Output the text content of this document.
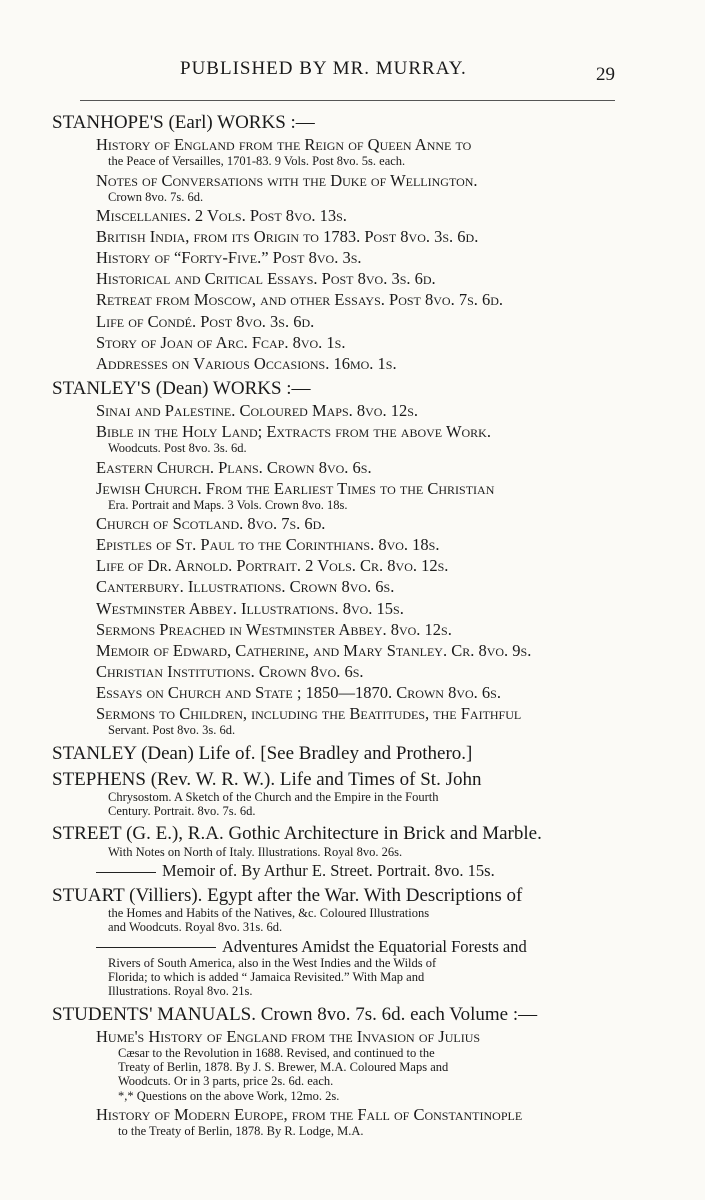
PUBLISHED BY MR. MURRAY.	29
STANHOPE'S (Earl) WORKS :—
History of England from the Reign of Queen Anne to
the Peace of Versailles, 1701-83. 9 Vols. Post 8vo. 5s. each.
Notes of Conversations with the Duke of Wellington.
Crown 8vo. 7s. 6d.
Miscellanies. 2 Vols. Post 8vo. 13s.
British India, from its Origin to 1783. Post 8vo. 3s. 6d.
History of “Forty-Five.” Post 8vo. 3s.
Historical and Critical Essays. Post 8vo. 3s. 6d.
Retreat from Moscow, and other Essays. Post 8vo. 7s. 6d.
Life of Condé. Post 8vo. 3s. 6d.
Story of Joan of Arc. Fcap. 8vo. 1s.
Addresses on Various Occasions. 16mo. 1s.
STANLEY'S (Dean) WORKS :—
Sinai and Palestine. Coloured Maps. 8vo. 12s.
Bible in the Holy Land; Extracts from the above Work.
Woodcuts. Post 8vo. 3s. 6d.
Eastern Church. Plans. Crown 8vo. 6s.
Jewish Church. From the Earliest Times to the Christian
Era. Portrait and Maps. 3 Vols. Crown 8vo. 18s.
Church of Scotland. 8vo. 7s. 6d.
Epistles of St. Paul to the Corinthians. 8vo. 18s.
Life of Dr. Arnold. Portrait. 2 Vols. Cr. 8vo. 12s.
Canterbury. Illustrations. Crown 8vo. 6s.
Westminster Abbey. Illustrations. 8vo. 15s.
Sermons Preached in Westminster Abbey. 8vo. 12s.
Memoir of Edward, Catherine, and Mary Stanley. Cr. 8vo. 9s.
Christian Institutions. Crown 8vo. 6s.
Essays on Church and State ; 1850—1870. Crown 8vo. 6s.
Sermons to Children, including the Beatitudes, the Faithful
Servant. Post 8vo. 3s. 6d.
STANLEY (Dean) Life of. [See Bradley and Prothero.]
STEPHENS (Rev. W. R. W.). Life and Times of St. John
Chrysostom. A Sketch of the Church and the Empire in the Fourth
Century. Portrait. 8vo. 7s. 6d.
STREET (G. E.), R.A. Gothic Architecture in Brick and Marble.
With Notes on North of Italy. Illustrations. Royal 8vo. 26s.
Memoir of. By Arthur E. Street. Portrait. 8vo. 15s.
STUART (Villiers). Egypt after the War. With Descriptions of
the Homes and Habits of the Natives, &c. Coloured Illustrations
and Woodcuts. Royal 8vo. 31s. 6d.
Adventures Amidst the Equatorial Forests and
Rivers of South America, also in the West Indies and the Wilds of
Florida; to which is added “ Jamaica Revisited.” With Map and
Illustrations. Royal 8vo. 21s.
STUDENTS' MANUALS. Crown 8vo. 7s. 6d. each Volume :—
Hume's History of England from the Invasion of Julius
Cæsar to the Revolution in 1688. Revised, and continued to the
Treaty of Berlin, 1878. By J. S. Brewer, M.A. Coloured Maps and
Woodcuts. Or in 3 parts, price 2s. 6d. each.
*,* Questions on the above Work, 12mo. 2s.
History of Modern Europe, from the Fall of Constantinople
to the Treaty of Berlin, 1878. By R. Lodge, M.A.
